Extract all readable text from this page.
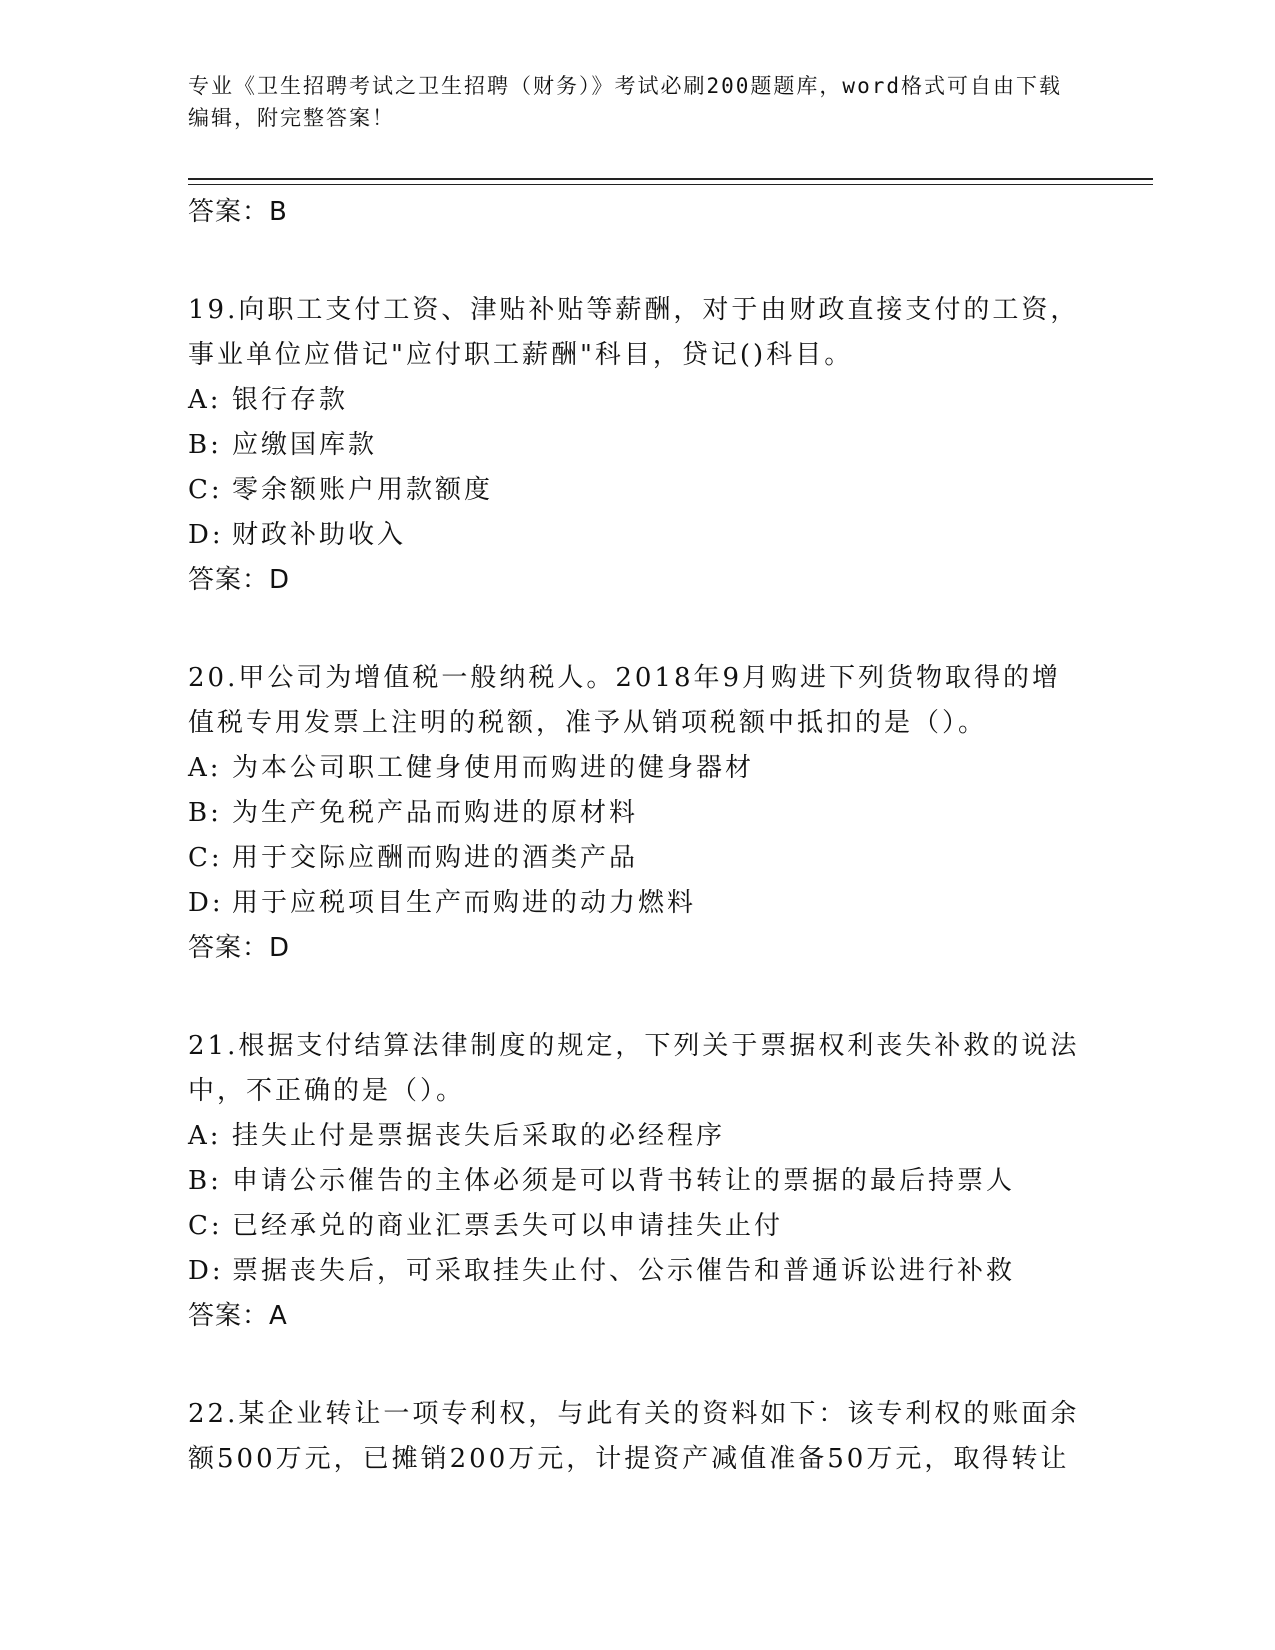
专业《卫生招聘考试之卫生招聘（财务）》考试必刷200题题库，word格式可自由下载编辑，附完整答案！
答案：B
19.向职工支付工资、津贴补贴等薪酬，对于由财政直接支付的工资，事业单位应借记"应付职工薪酬"科目，贷记()科目。
A: 银行存款
B: 应缴国库款
C: 零余额账户用款额度
D: 财政补助收入
答案：D
20.甲公司为增值税一般纳税人。2018年9月购进下列货物取得的增值税专用发票上注明的税额，准予从销项税额中抵扣的是（）。
A: 为本公司职工健身使用而购进的健身器材
B: 为生产免税产品而购进的原材料
C: 用于交际应酬而购进的酒类产品
D: 用于应税项目生产而购进的动力燃料
答案：D
21.根据支付结算法律制度的规定，下列关于票据权利丧失补救的说法中，不正确的是（）。
A: 挂失止付是票据丧失后采取的必经程序
B: 申请公示催告的主体必须是可以背书转让的票据的最后持票人
C: 已经承兑的商业汇票丢失可以申请挂失止付
D: 票据丧失后，可采取挂失止付、公示催告和普通诉讼进行补救
答案：A
22.某企业转让一项专利权，与此有关的资料如下：该专利权的账面余额500万元，已摊销200万元，计提资产减值准备50万元，取得转让
